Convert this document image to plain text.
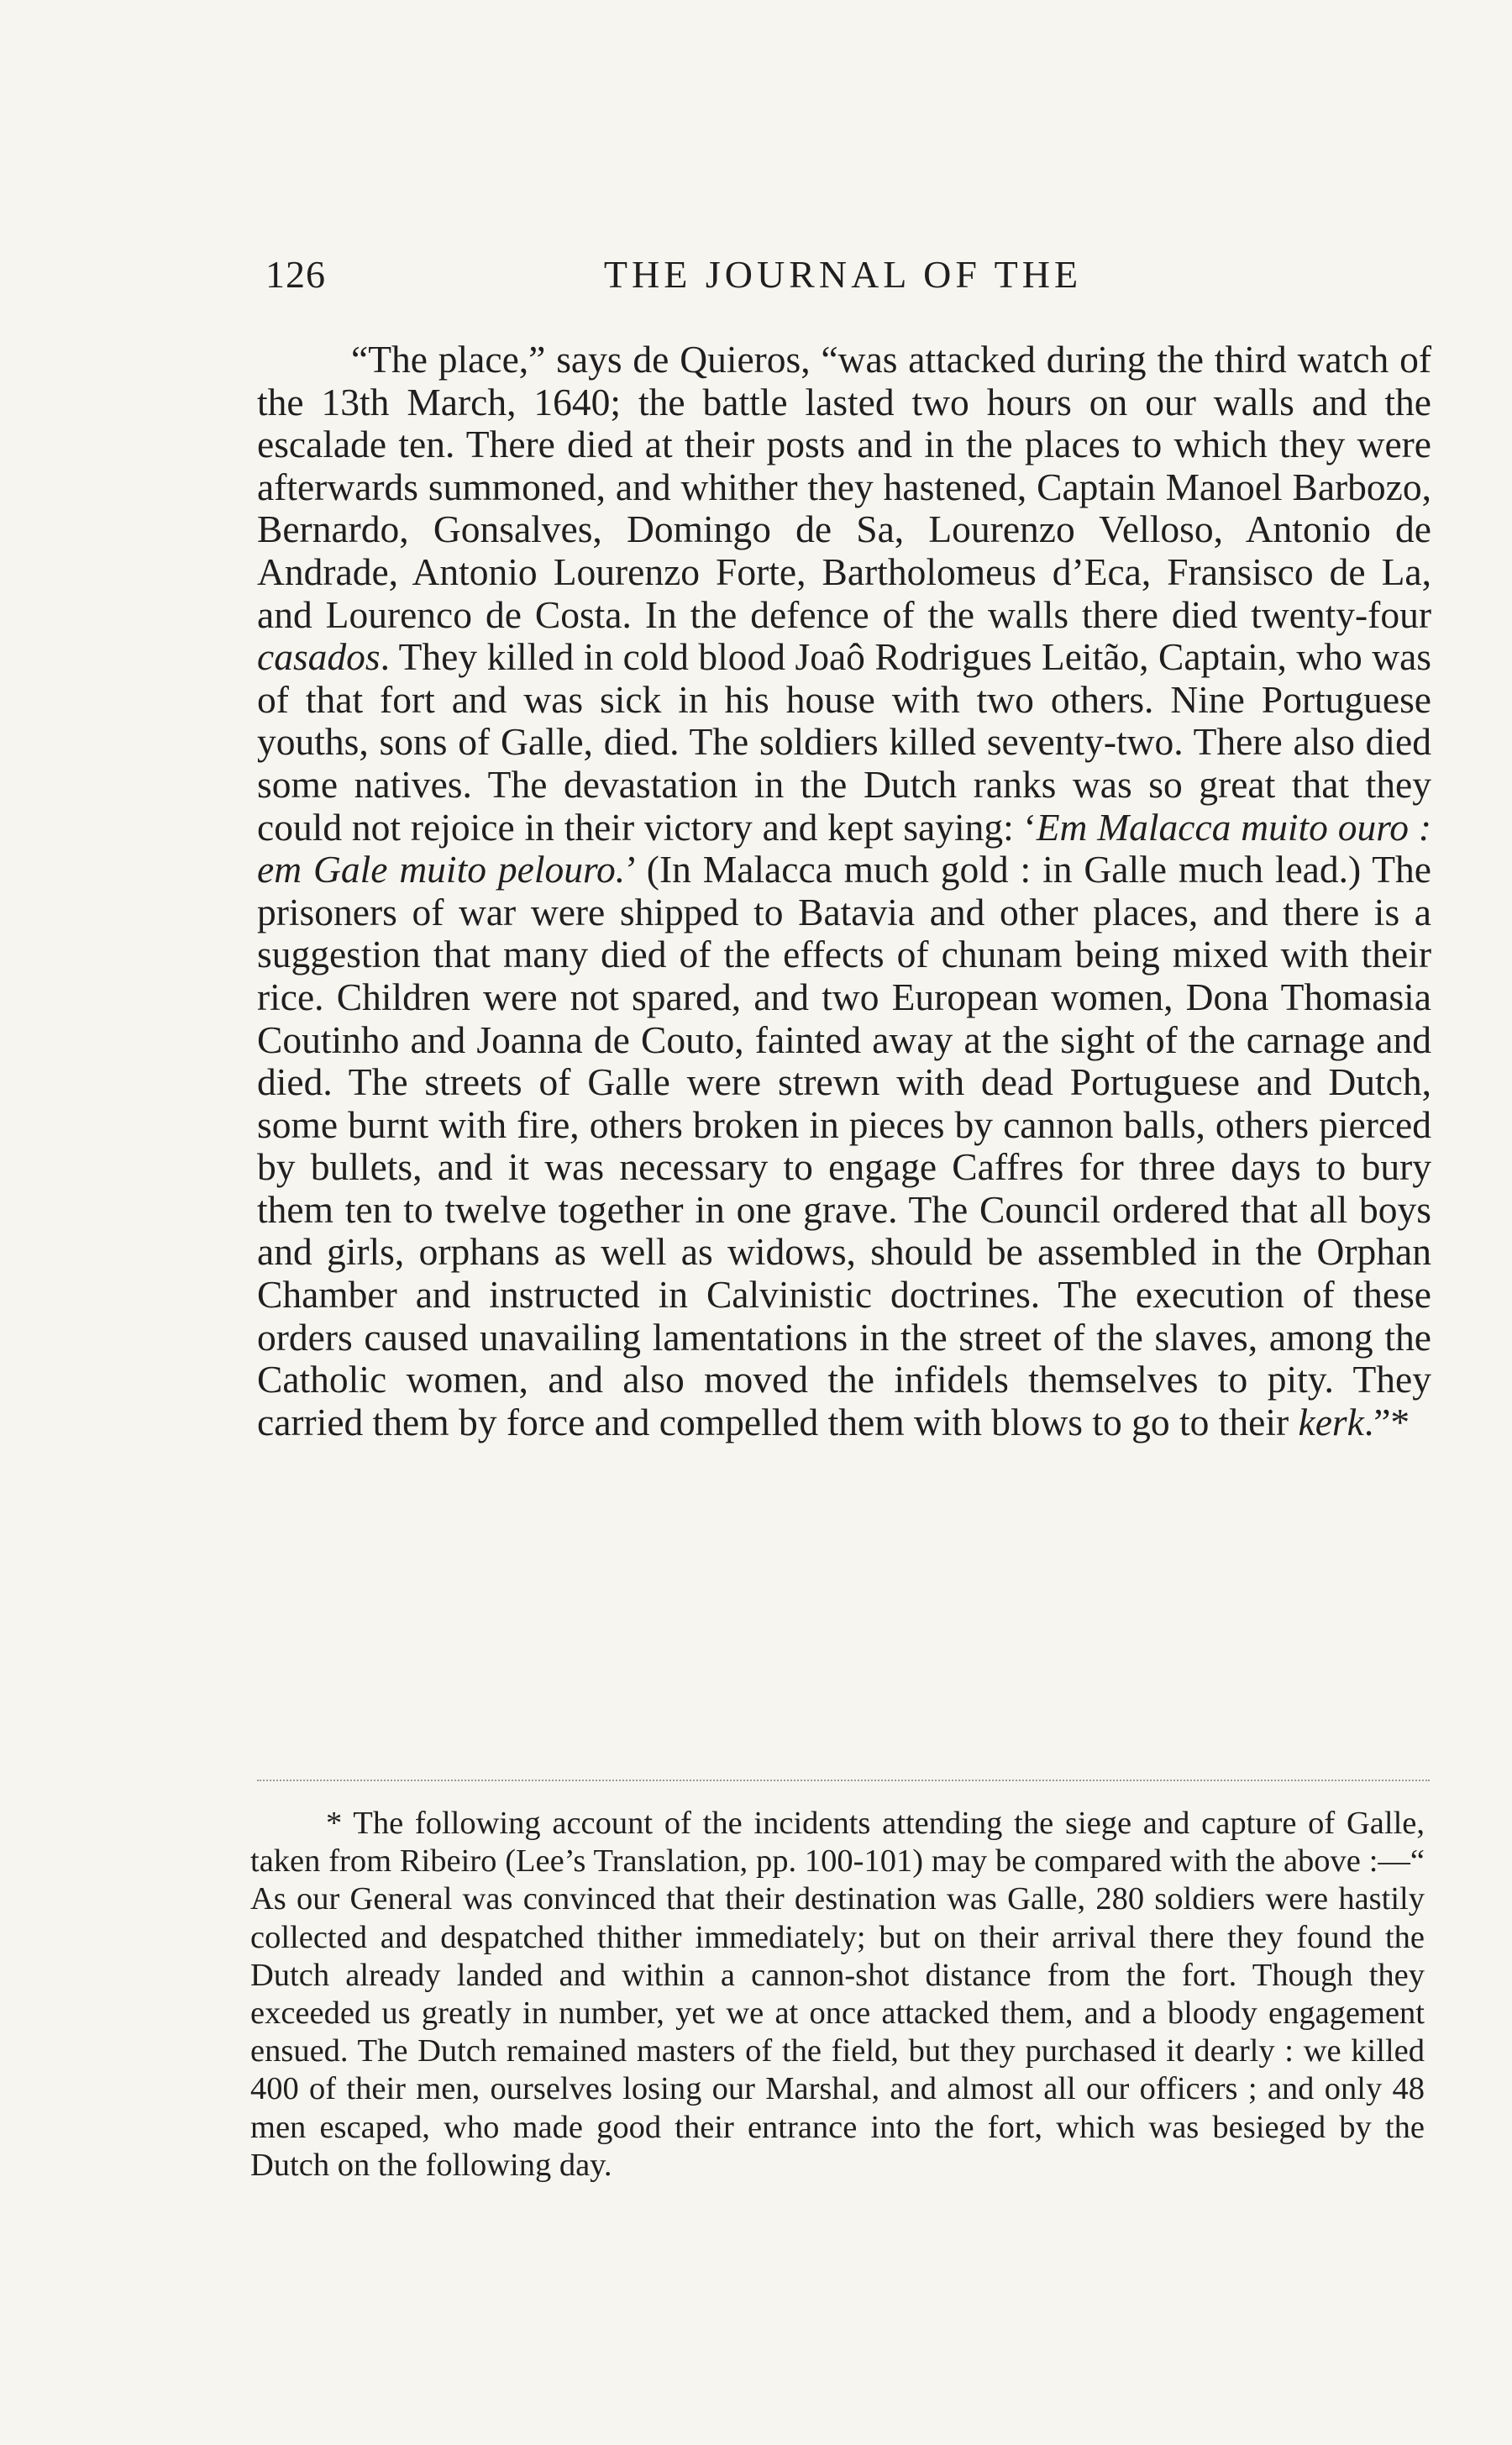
126	THE JOURNAL OF THE

“The place,” says de Quieros, “was attacked during the third watch of the 13th March, 1640; the battle lasted two hours on our walls and the escalade ten. There died at their posts and in the places to which they were afterwards summoned, and whither they hastened, Captain Manoel Barbozo, Bernardo, Gonsalves, Domingo de Sa, Lourenzo Velloso, Antonio de Andrade, Antonio Lourenzo Forte, Bartholomeus d’Eca, Fransisco de La, and Lourenco de Costa. In the defence of the walls there died twenty-four casados. They killed in cold blood Joaô Rodrigues Leitão, Captain, who was of that fort and was sick in his house with two others. Nine Portuguese youths, sons of Galle, died. The soldiers killed seventy-two. There also died some natives. The devastation in the Dutch ranks was so great that they could not rejoice in their victory and kept saying: ‘Em Malacca muito ouro : em Gale muito pelouro.’ (In Malacca much gold : in Galle much lead.) The prisoners of war were shipped to Batavia and other places, and there is a suggestion that many died of the effects of chunam being mixed with their rice. Children were not spared, and two European women, Dona Thomasia Coutinho and Joanna de Couto, fainted away at the sight of the carnage and died. The streets of Galle were strewn with dead Portuguese and Dutch, some burnt with fire, others broken in pieces by cannon balls, others pierced by bullets, and it was necessary to engage Caffres for three days to bury them ten to twelve together in one grave. The Council ordered that all boys and girls, orphans as well as widows, should be assembled in the Orphan Chamber and instructed in Calvinistic doctrines. The execution of these orders caused unavailing lamentations in the street of the slaves, among the Catholic women, and also moved the infidels themselves to pity. They carried them by force and compelled them with blows to go to their kerk.”*

* The following account of the incidents attending the siege and capture of Galle, taken from Ribeiro (Lee’s Translation, pp. 100-101) may be compared with the above :—“ As our General was convinced that their destination was Galle, 280 soldiers were hastily collected and despatched thither immediately; but on their arrival there they found the Dutch already landed and within a cannon-shot distance from the fort. Though they exceeded us greatly in number, yet we at once attacked them, and a bloody engagement ensued. The Dutch remained masters of the field, but they purchased it dearly : we killed 400 of their men, ourselves losing our Marshal, and almost all our officers ; and only 48 men escaped, who made good their entrance into the fort, which was besieged by the Dutch on the following day.
